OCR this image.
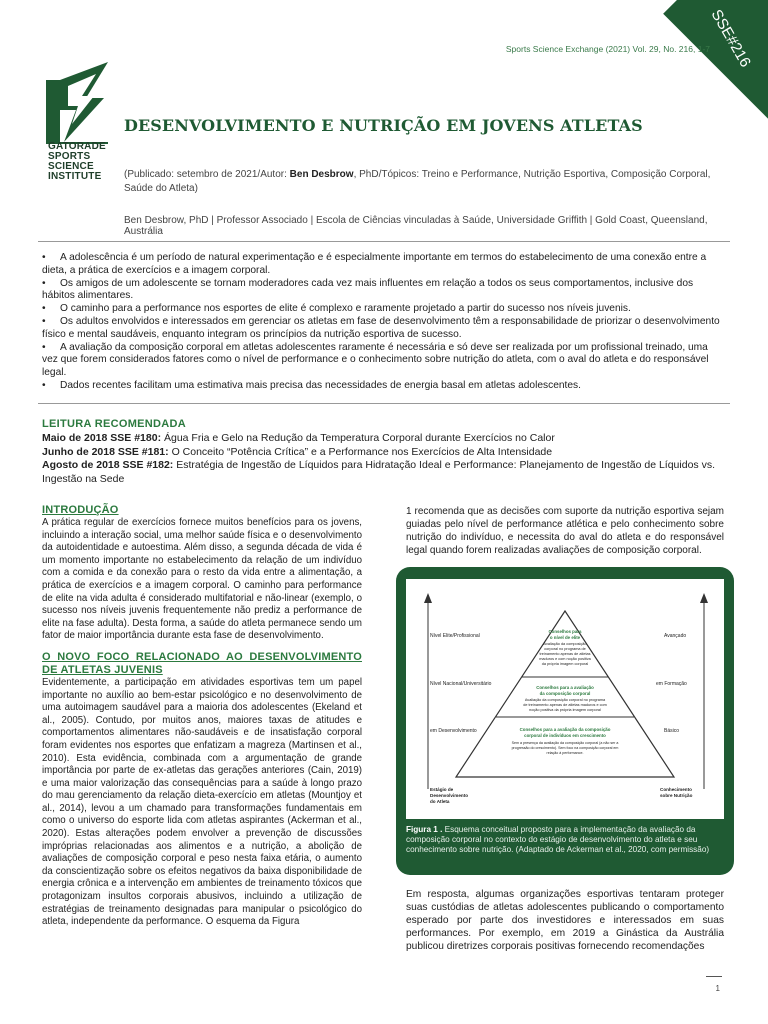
SSE#216
Sports Science Exchange (2021) Vol. 29, No. 216, 1-7
GATORADE
SPORTS
SCIENCE
INSTITUTE
DESENVOLVIMENTO E NUTRIÇÃO EM JOVENS ATLETAS
(Publicado: setembro de 2021/Autor: Ben Desbrow, PhD/Tópicos: Treino e Performance, Nutrição Esportiva, Composição Corporal, Saúde do Atleta)
Ben Desbrow, PhD | Professor Associado | Escola de Ciências vinculadas à Saúde, Universidade Griffith | Gold Coast, Queensland, Austrália

• A adolescência é um período de natural experimentação e é especialmente importante em termos do estabelecimento de uma conexão entre a dieta, a prática de exercícios e a imagem corporal.

• Os amigos de um adolescente se tornam moderadores cada vez mais influentes em relação a todos os seus comportamentos, inclusive dos hábitos alimentares.

• O caminho para a performance nos esportes de elite é complexo e raramente projetado a partir do sucesso nos níveis juvenis.

• Os adultos envolvidos e interessados em gerenciar os atletas em fase de desenvolvimento têm a responsabilidade de priorizar o desenvolvimento físico e mental saudáveis, enquanto integram os princípios da nutrição esportiva de sucesso.

• A avaliação da composição corporal em atletas adolescentes raramente é necessária e só deve ser realizada por um profissional treinado, uma vez que forem considerados fatores como o nível de performance e o conhecimento sobre nutrição do atleta, com o aval do atleta e do responsável legal.

• Dados recentes facilitam uma estimativa mais precisa das necessidades de energia basal em atletas adolescentes.

LEITURA RECOMENDADA
Maio de 2018 SSE #180: Água Fria e Gelo na Redução da Temperatura Corporal durante Exercícios no Calor
Junho de 2018 SSE #181: O Conceito “Potência Crítica” e a Performance nos Exercícios de Alta Intensidade
Agosto de 2018 SSE #182: Estratégia de Ingestão de Líquidos para Hidratação Ideal e Performance: Planejamento de Ingestão de Líquidos vs. Ingestão na Sede
INTRODUÇÃO

A prática regular de exercícios fornece muitos benefícios para os jovens, incluindo a interação social, uma melhor saúde física e o desenvolvimento da autoidentidade e autoestima. Além disso, a segunda década de vida é um momento importante no estabelecimento da relação de um indivíduo com a comida e da conexão para o resto da vida entre a alimentação, a prática de exercícios e a imagem corporal. O caminho para performance de elite na vida adulta é considerado multifatorial e não-linear (exemplo, o sucesso nos níveis juvenis frequentemente não prediz a performance de elite na fase adulta). Desta forma, a saúde do atleta permanece sendo um fator de maior importância durante esta fase de desenvolvimento.

O NOVO FOCO RELACIONADO AO DESENVOLVIMENTO DE ATLETAS JUVENIS

Evidentemente, a participação em atividades esportivas tem um papel importante no auxílio ao bem-estar psicológico e no desenvolvimento de uma autoimagem saudável para a maioria dos adolescentes (Ekeland et al., 2005). Contudo, por muitos anos, maiores taxas de atitudes e comportamentos alimentares não-saudáveis e de insatisfação corporal foram evidentes nos esportes que enfatizam a magreza (Martinsen et al., 2010). Esta evidência, combinada com a argumentação de grande importância por parte de ex-atletas das gerações anteriores (Cain, 2019) e uma maior valorização das consequências para a saúde à longo prazo do mau gerenciamento da relação dieta-exercício em atletas (Mountjoy et al., 2014), levou a um chamado para transformações fundamentais em como o universo do esporte lida com atletas aspirantes (Ackerman et al., 2020). Estas alterações podem envolver a prevenção de discussões impróprias relacionadas aos alimentos e a nutrição, a abolição de avaliações de composição corporal e peso nesta faixa etária, o aumento da conscientização sobre os efeitos negativos da baixa disponibilidade de energia crônica e a intervenção em ambientes de treinamento tóxicos que protagonizam insultos corporais abusivos, incluindo a utilização de estratégias de treinamento designadas para manipular o psicológico do atleta, independente da performance. O esquema da Figura

1 recomenda que as decisões com suporte da nutrição esportiva sejam guiadas pelo nível de performance atlética e pelo conhecimento sobre nutrição do indivíduo, e necessita do aval do atleta e do responsável legal quando forem realizadas avaliações de composição corporal.
Nível Elite/Profissional
Nível Nacional/Universitário
em Desenvolvimento
Estágio de
Desenvolvimento
do Atleta
Avançado
em Formação
Básico
Conhecimento
sobre Nutrição
Conselhos para
o nível de elite
Avaliação da composição
corporal no programa de
treinamento apenas de atletas
maduros e com noção positiva
da própria imagem corporal
Conselhos para a avaliação
da composição corporal
Avaliação da composição corporal no programa
de treinamento apenas de atletas maduros e com
noção positiva da própria imagem corporal
Conselhos para a avaliação da composição
corporal de indivíduos em crescimento
Sem a presença da avaliação da composição corporal (a não ser a
progressão do crescimento). Sem foco na composição corporal em
relação à performance.
Figura 1 . Esquema conceitual proposto para a implementação da avaliação da composição corporal no contexto do estágio de desenvolvimento do atleta e seu conhecimento sobre nutrição. (Adaptado de Ackerman et al., 2020, com permissão)
Em resposta, algumas organizações esportivas tentaram proteger suas custódias de atletas adolescentes publicando o comportamento esperado por parte dos investidores e interessados em suas performances. Por exemplo, em 2019 a Ginástica da Austrália publicou diretrizes corporais positivas fornecendo recomendações
1
